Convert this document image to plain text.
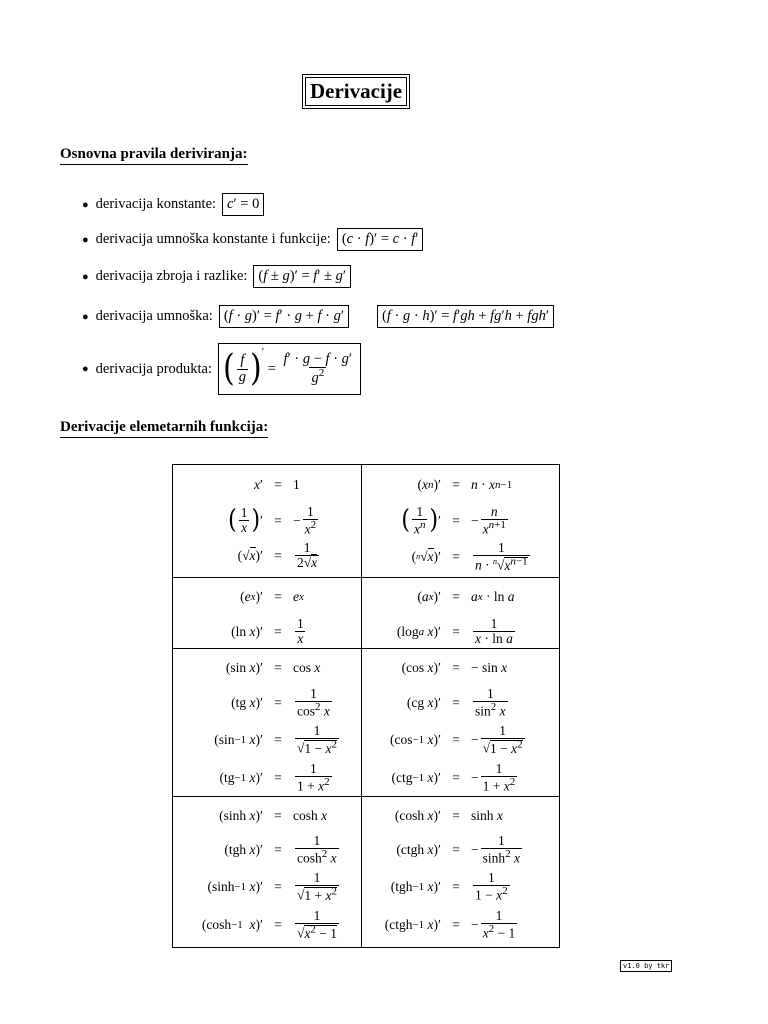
Derivacije
Osnovna pravila deriviranja:
● derivacija konstante: c ′ = 0
● derivacija umnoška konstante i funkcije: ( c · f )′ = c · f ′
● derivacija zbroja i razlike: ( f ± g )′ = f ′ ± g ′
● derivacija umnoška: ( f · g )′ = f ′ · g + f · g ′	( f · g · h )′ = f ′ gh + fg ′ h + fgh ′
● derivacija produkta: ( $\frac{f}{g} )'$
= $\frac{f' \cdot g - f \cdot g'}{g^2}$
Derivacije elemetarnih funkcija:
x ′ = 1
( $\frac{1}{x}$ ) ′ = − $\frac{1}{x^2}$
(√ x )′ = $\frac{1}{2√x}$
( e x )′ = e x
(ln x )′ = $\frac{1}{x}$
(sin x )′ = cos x
(tg x )′ = $\frac{1}{\cos^2 x}$
(sin −1
x )′ = $\frac{1}{√1 - x^2}$
(tg −1
x )′ = $\frac{1}{1 + x^2}$
(sinh x )′ = cosh x
(tgh x )′ = $\frac{1}{\cosh^2 x}$
(sinh −1
x )′ = $\frac{1}{√1 + x^2}$
(cosh −1
x )′ = $\frac{1}{√x^2 - 1}$
( x n )′ = n · x n−1
( $\frac{1}{x^n}$ ) ′ = − $\frac{n}{x^{n+1}}$
( n √ x )′ = $\frac{1}{n \cdot ^n√x^{n-1}}$
( a x )′ = a x · ln a
(log a
x )′ = $\frac{1}{\text{x · ln a}}$
(cos x )′ = − sin x
(cg x )′ = $\frac{1}{\sin^2 x}$
(cos −1
x )′ = − $\frac{1}{√1 - x^2}$
(ctg −1
x )′ = − $\frac{1}{1 + x^2}$
(cosh x )′ = sinh x
(ctgh x )′ = − $\frac{1}{\sinh^2 x}$
(tgh −1
x )′ = $\frac{1}{1 - x^2}$
(ctgh −1
x )′ = − $\frac{1}{x^2 - 1}$
v1.0 by tkr
